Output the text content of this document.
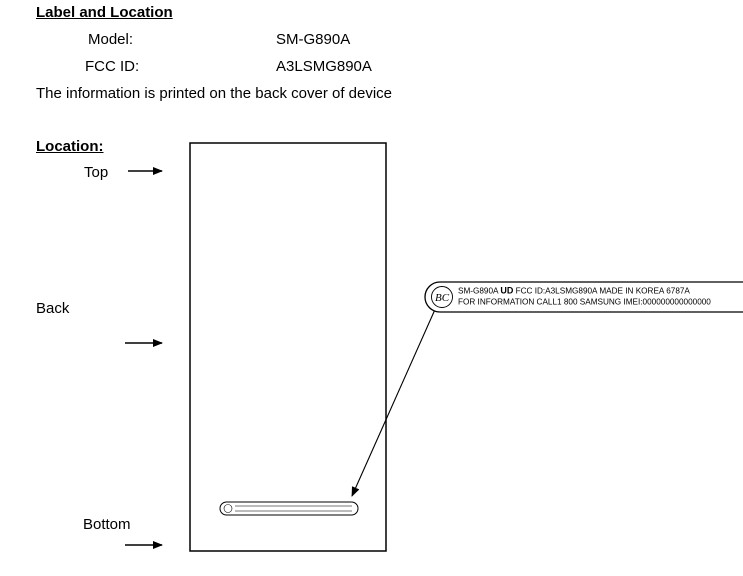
Label and Location
Model:	SM-G890A
FCC ID:	A3LSMG890A
The information is printed on the back cover of device
Location:
Top
Back
Bottom
BC
SM-G890A UD FCC ID:A3LSMG890A MADE IN KOREA 6787A
FOR INFORMATION CALL1 800 SAMSUNG IMEI:000000000000000
